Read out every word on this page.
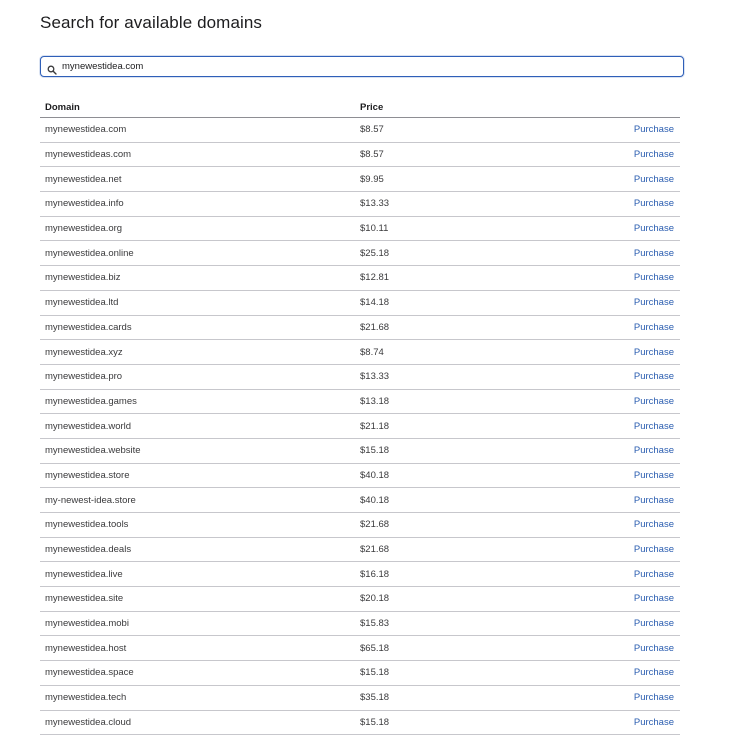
Search for available domains
mynewestidea.com
Domain	Price
mynewestidea.com	$8.57	Purchase
mynewestideas.com	$8.57	Purchase
mynewestidea.net	$9.95	Purchase
mynewestidea.info	$13.33	Purchase
mynewestidea.org	$10.11	Purchase
mynewestidea.online	$25.18	Purchase
mynewestidea.biz	$12.81	Purchase
mynewestidea.ltd	$14.18	Purchase
mynewestidea.cards	$21.68	Purchase
mynewestidea.xyz	$8.74	Purchase
mynewestidea.pro	$13.33	Purchase
mynewestidea.games	$13.18	Purchase
mynewestidea.world	$21.18	Purchase
mynewestidea.website	$15.18	Purchase
mynewestidea.store	$40.18	Purchase
my-newest-idea.store	$40.18	Purchase
mynewestidea.tools	$21.68	Purchase
mynewestidea.deals	$21.68	Purchase
mynewestidea.live	$16.18	Purchase
mynewestidea.site	$20.18	Purchase
mynewestidea.mobi	$15.83	Purchase
mynewestidea.host	$65.18	Purchase
mynewestidea.space	$15.18	Purchase
mynewestidea.tech	$35.18	Purchase
mynewestidea.cloud	$15.18	Purchase
